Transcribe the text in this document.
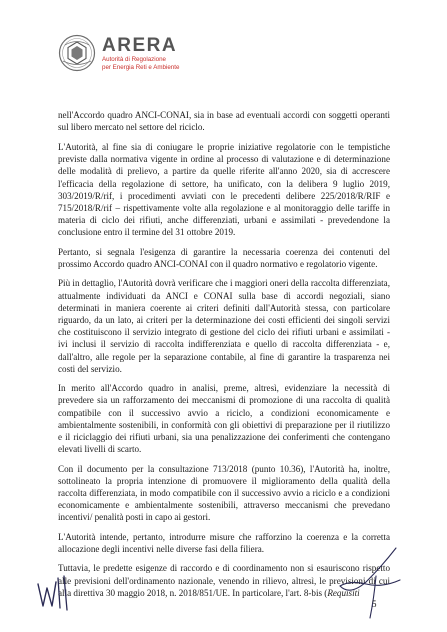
ARERA
Autorità di Regolazione
per Energia Reti e Ambiente

nell'Accordo quadro ANCI-CONAI, sia in base ad eventuali accordi con soggetti operanti sul libero mercato nel settore del riciclo.

L'Autorità, al fine sia di coniugare le proprie iniziative regolatorie con le tempistiche previste dalla normativa vigente in ordine al processo di valutazione e di determinazione delle modalità di prelievo, a partire da quelle riferite all'anno 2020, sia di accrescere l'efficacia della regolazione di settore, ha unificato, con la delibera 9 luglio 2019, 303/2019/R/rif, i procedimenti avviati con le precedenti delibere 225/2018/R/RIF e 715/2018/R/rif – rispettivamente volte alla regolazione e al monitoraggio delle tariffe in materia di ciclo dei rifiuti, anche differenziati, urbani e assimilati - prevedendone la conclusione entro il termine del 31 ottobre 2019.

Pertanto, si segnala l'esigenza di garantire la necessaria coerenza dei contenuti del prossimo Accordo quadro ANCI-CONAI con il quadro normativo e regolatorio vigente.

Più in dettaglio, l'Autorità dovrà verificare che i maggiori oneri della raccolta differenziata, attualmente individuati da ANCI e CONAI sulla base di accordi negoziali, siano determinati in maniera coerente ai criteri definiti dall'Autorità stessa, con particolare riguardo, da un lato, ai criteri per la determinazione dei costi efficienti dei singoli servizi che costituiscono il servizio integrato di gestione del ciclo dei rifiuti urbani e assimilati - ivi inclusi il servizio di raccolta indifferenziata e quello di raccolta differenziata - e, dall'altro, alle regole per la separazione contabile, al fine di garantire la trasparenza nei costi del servizio.

In merito all'Accordo quadro in analisi, preme, altresì, evidenziare la necessità di prevedere sia un rafforzamento dei meccanismi di promozione di una raccolta di qualità compatibile con il successivo avvio a riciclo, a condizioni economicamente e ambientalmente sostenibili, in conformità con gli obiettivi di preparazione per il riutilizzo e il riciclaggio dei rifiuti urbani, sia una penalizzazione dei conferimenti che contengano elevati livelli di scarto.

Con il documento per la consultazione 713/2018 (punto 10.36), l'Autorità ha, inoltre, sottolineato la propria intenzione di promuovere il miglioramento della qualità della raccolta differenziata, in modo compatibile con il successivo avvio a riciclo e a condizioni economicamente e ambientalmente sostenibili, attraverso meccanismi che prevedano incentivi/ penalità posti in capo ai gestori.

L'Autorità intende, pertanto, introdurre misure che rafforzino la coerenza e la corretta allocazione degli incentivi nelle diverse fasi della filiera.

Tuttavia, le predette esigenze di raccordo e di coordinamento non si esauriscono rispetto alle previsioni dell'ordinamento nazionale, venendo in rilievo, altresì, le previsioni di cui alla direttiva 30 maggio 2018, n. 2018/851/UE. In particolare, l'art. 8-bis (Requisiti

5
